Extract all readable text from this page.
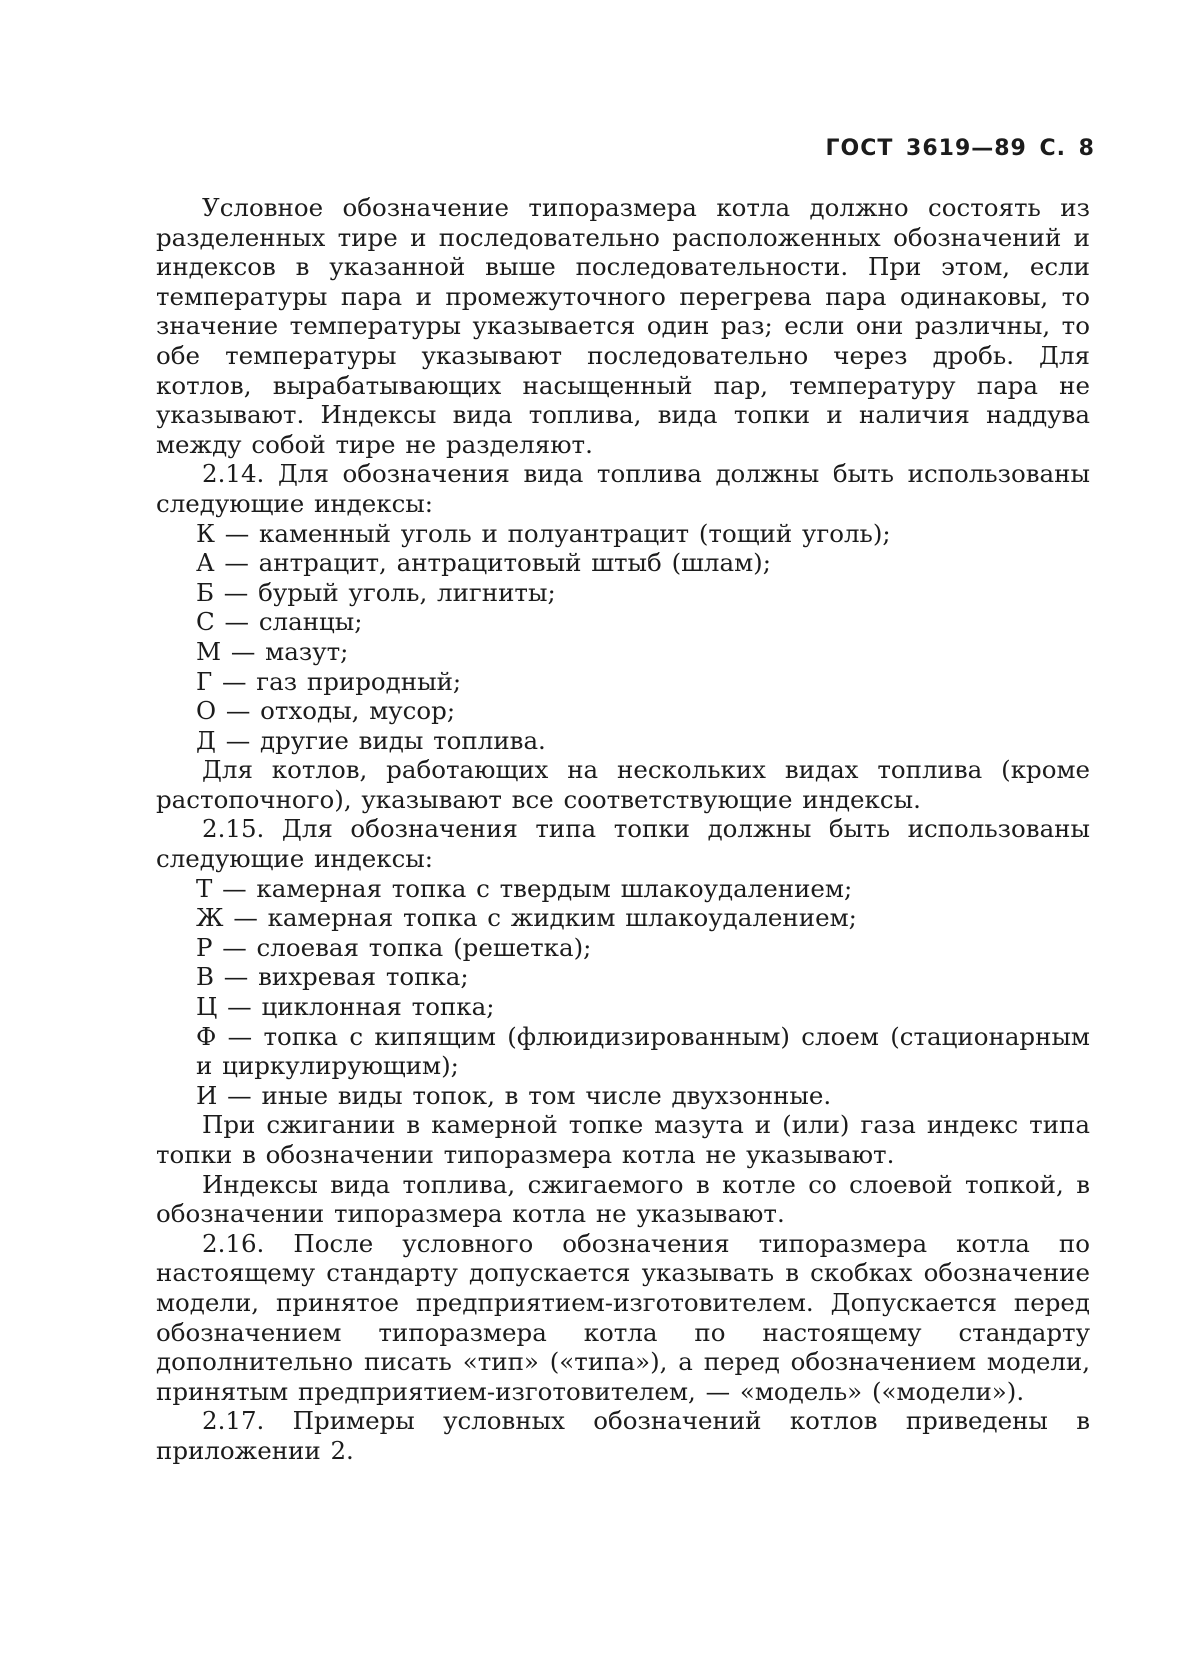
ГОСТ 3619—89 С. 8

Условное обозначение типоразмера котла должно состоять из разделенных тире и последовательно расположенных обозначений и индексов в указанной выше последовательности. При этом, если температуры пара и промежуточного перегрева пара одинаковы, то значение температуры указывается один раз; если они различны, то обе температуры указывают последовательно через дробь. Для котлов, вырабатывающих насыщенный пар, температуру пара не указывают. Индексы вида топлива, вида топки и наличия наддува между собой тире не разделяют.

2.14. Для обозначения вида топлива должны быть использованы следующие индексы:

К — каменный уголь и полуантрацит (тощий уголь);

А — антрацит, антрацитовый штыб (шлам);

Б — бурый уголь, лигниты;

С — сланцы;

М — мазут;

Г — газ природный;

О — отходы, мусор;

Д — другие виды топлива.

Для котлов, работающих на нескольких видах топлива (кроме растопочного), указывают все соответствующие индексы.

2.15. Для обозначения типа топки должны быть использованы следующие индексы:

Т — камерная топка с твердым шлакоудалением;

Ж — камерная топка с жидким шлакоудалением;

Р — слоевая топка (решетка);

В — вихревая топка;

Ц — циклонная топка;

Ф — топка с кипящим (флюидизированным) слоем (стационарным и циркулирующим);

И — иные виды топок, в том числе двухзонные.

При сжигании в камерной топке мазута и (или) газа индекс типа топки в обозначении типоразмера котла не указывают.

Индексы вида топлива, сжигаемого в котле со слоевой топкой, в обозначении типоразмера котла не указывают.

2.16. После условного обозначения типоразмера котла по настоящему стандарту допускается указывать в скобках обозначение модели, принятое предприятием-изготовителем. Допускается перед обозначением типоразмера котла по настоящему стандарту дополнительно писать «тип» («типа»), а перед обозначением модели, принятым предприятием-изготовителем, — «модель» («модели»).

2.17. Примеры условных обозначений котлов приведены в приложении 2.
